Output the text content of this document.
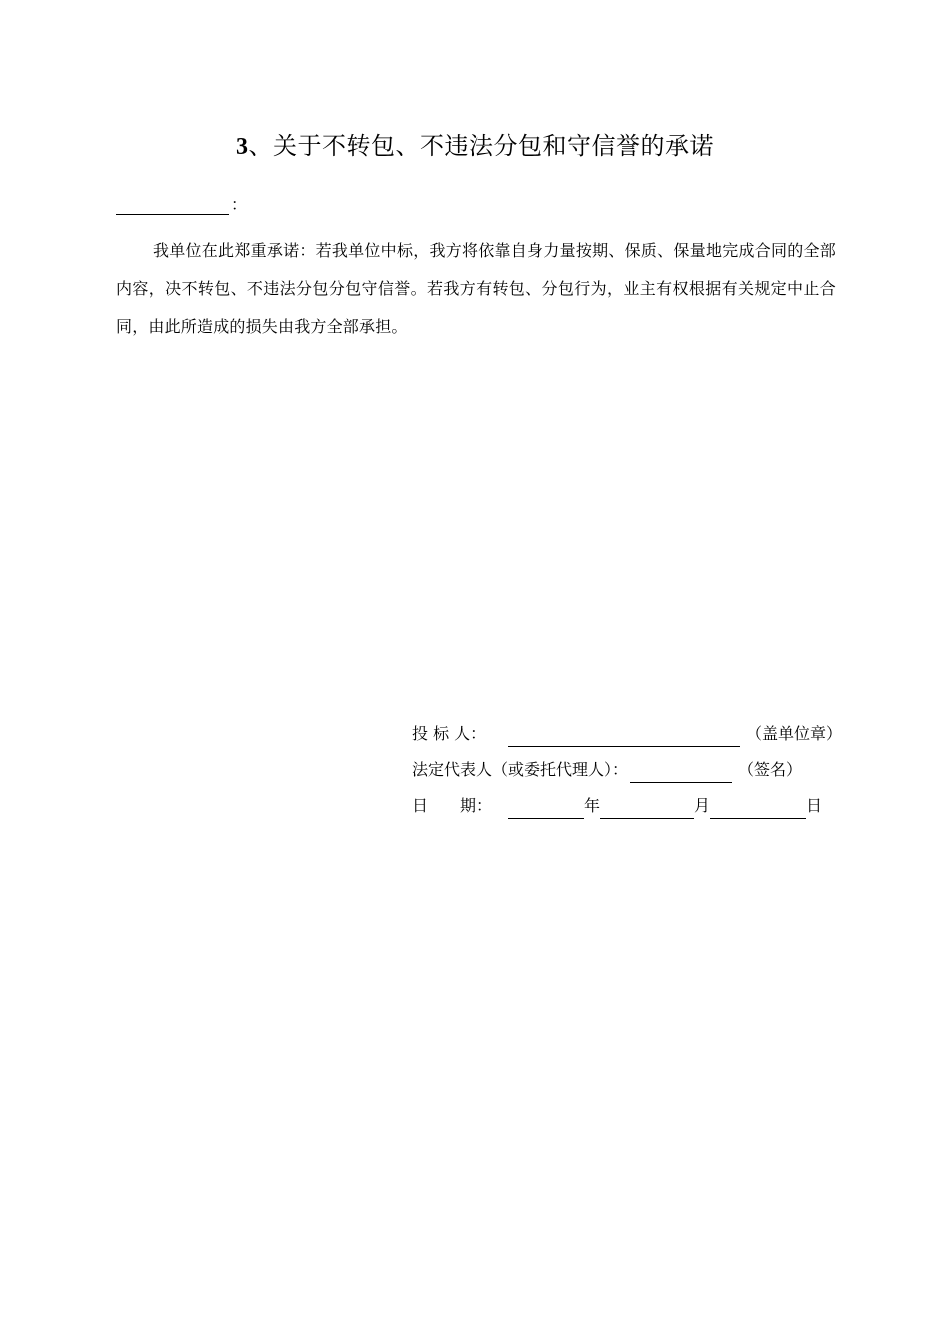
3、关于不转包、不违法分包和守信誉的承诺
：
我单位在此郑重承诺：若我单位中标，我方将依靠自身力量按期、保质、保量地完成合同的全部内容，决不转包、不违法分包分包守信誉。若我方有转包、分包行为，业主有权根据有关规定中止合同，由此所造成的损失由我方全部承担。
投 标 人：	（盖单位章）
法定代表人（或委托代理人）：	（签名）
日　　期：	年	月	日
